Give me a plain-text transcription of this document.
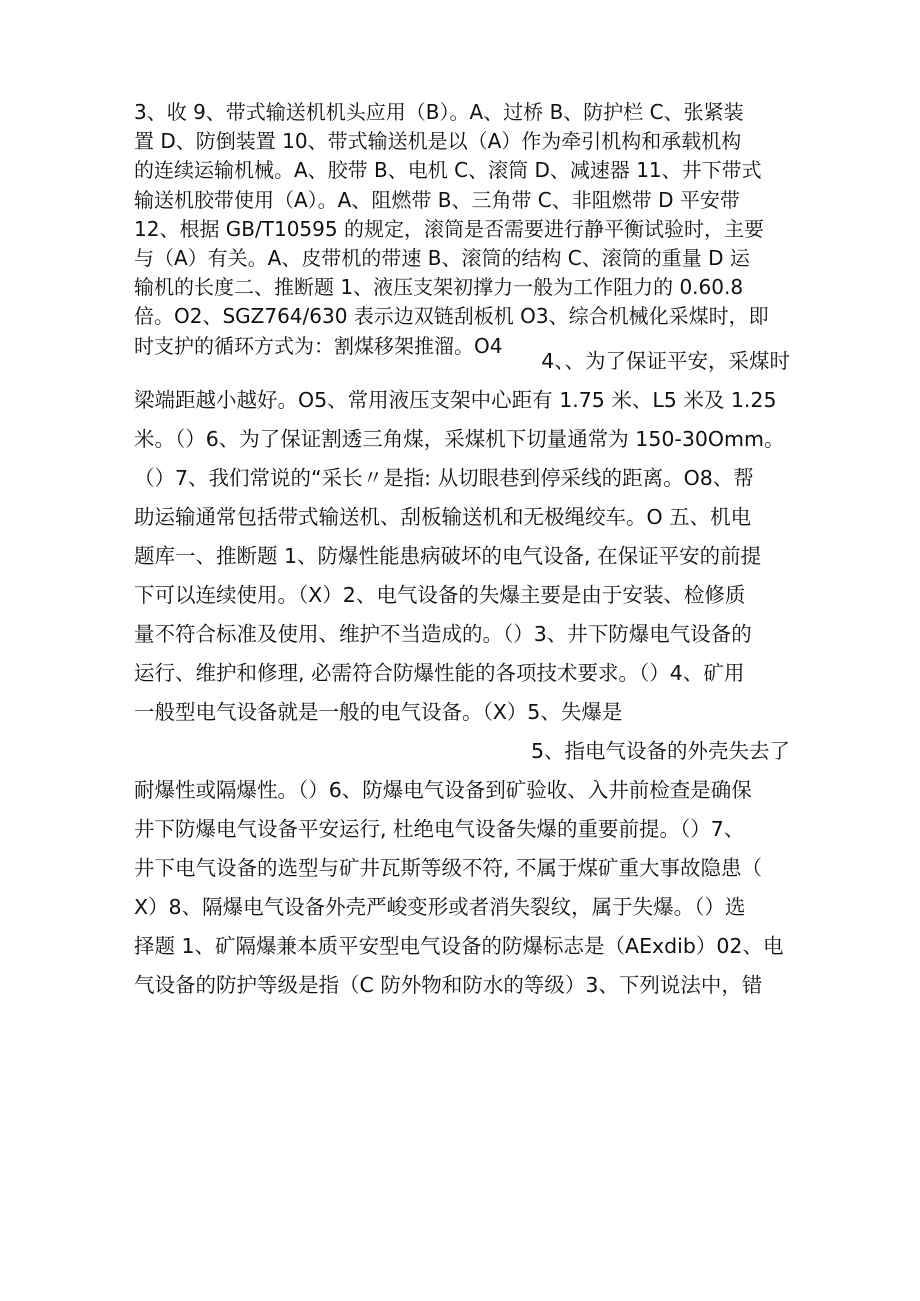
3、收 9、带式输送机机头应用（B）。A、过桥 B、防护栏 C、张紧装
置 D、防倒装置 10、带式输送机是以（A）作为牵引机构和承载机构
的连续运输机械。A、胶带 B、电机 C、滚筒 D、减速器 11、井下带式
输送机胶带使用（A）。A、阻燃带 B、三角带 C、非阻燃带 D 平安带
12、根据 GB/T10595 的规定，滚筒是否需要进行静平衡试验时，主要
与（A）有关。A、皮带机的带速 B、滚筒的结构 C、滚筒的重量 D 运
输机的长度二、推断题 1、液压支架初撑力一般为工作阻力的 0.60.8
倍。O2、SGZ764/630 表示边双链刮板机 O3、综合机械化采煤时，即
时支护的循环方式为：割煤移架推溜。O4
4、、为了保证平安，采煤时
梁端距越小越好。O5、常用液压支架中心距有 1.75 米、L5 米及 1.25
米。（）6、为了保证割透三角煤，采煤机下切量通常为 150-30Omm。
（）7、我们常说的“采长〃是指: 从切眼巷到停采线的距离。O8、帮
助运输通常包括带式输送机、刮板输送机和无极绳绞车。O 五、机电
题库一、推断题 1、防爆性能患病破坏的电气设备, 在保证平安的前提
下可以连续使用。（X）2、电气设备的失爆主要是由于安装、检修质
量不符合标准及使用、维护不当造成的。（）3、井下防爆电气设备的
运行、维护和修理, 必需符合防爆性能的各项技术要求。（）4、矿用
一般型电气设备就是一般的电气设备。（X）5、失爆是
5、指电气设备的外壳失去了
耐爆性或隔爆性。（）6、防爆电气设备到矿验收、入井前检查是确保
井下防爆电气设备平安运行, 杜绝电气设备失爆的重要前提。（）7、
井下电气设备的选型与矿井瓦斯等级不符, 不属于煤矿重大事故隐患（
X）8、隔爆电气设备外壳严峻变形或者消失裂纹，属于失爆。（）选
择题 1、矿隔爆兼本质平安型电气设备的防爆标志是（AExdib）02、电
气设备的防护等级是指（C 防外物和防水的等级）3、下列说法中，错
